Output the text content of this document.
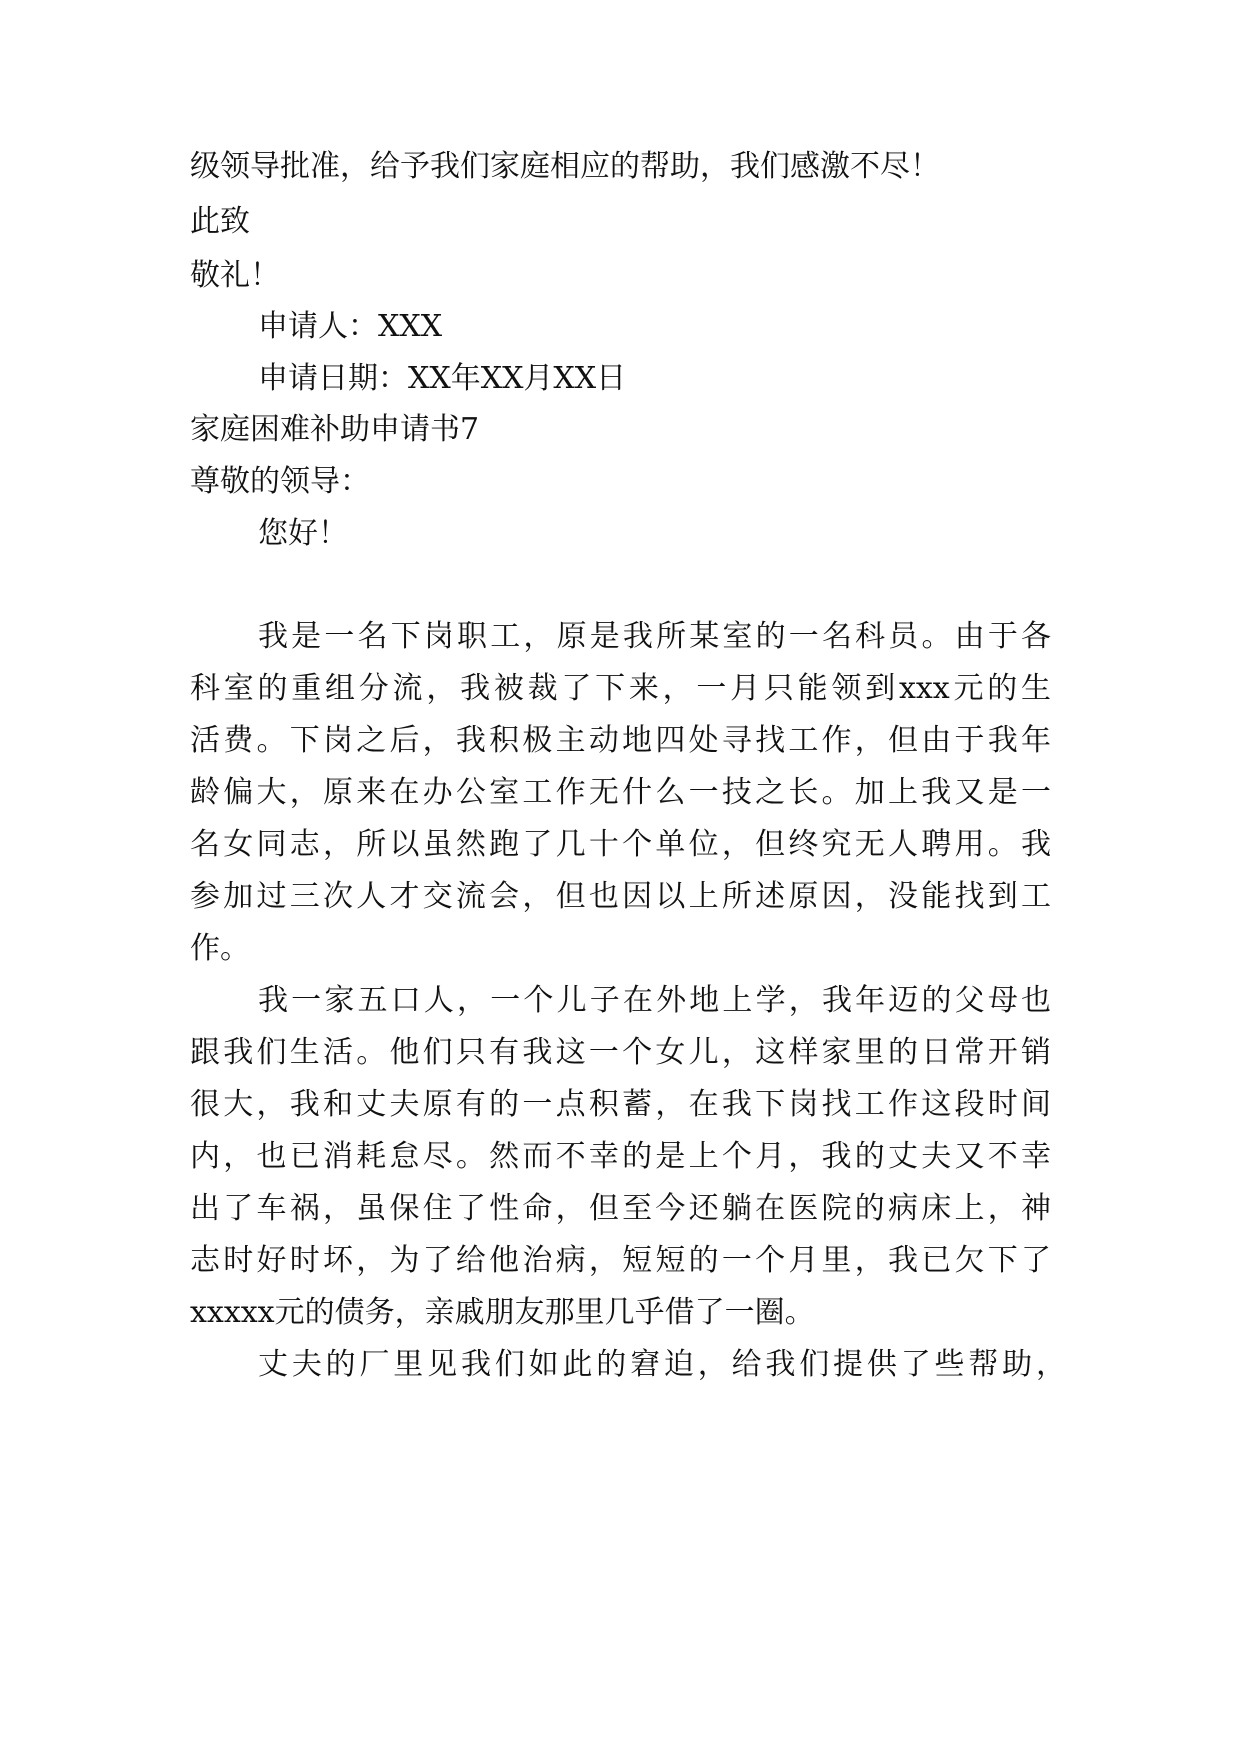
级领导批准，给予我们家庭相应的帮助，我们感激不尽！
此致
敬礼！
申请人：XXX
申请日期：XX年XX月XX日
家庭困难补助申请书7
尊敬的领导：
您好！
我是一名下岗职工，原是我所某室的一名科员。由于各
科室的重组分流，我被裁了下来，一月只能领到xxx元的生
活费。下岗之后，我积极主动地四处寻找工作，但由于我年
龄偏大，原来在办公室工作无什么一技之长。加上我又是一
名女同志，所以虽然跑了几十个单位，但终究无人聘用。我
参加过三次人才交流会，但也因以上所述原因，没能找到工
作。
我一家五口人，一个儿子在外地上学，我年迈的父母也
跟我们生活。他们只有我这一个女儿，这样家里的日常开销
很大，我和丈夫原有的一点积蓄，在我下岗找工作这段时间
内，也已消耗怠尽。然而不幸的是上个月，我的丈夫又不幸
出了车祸，虽保住了性命，但至今还躺在医院的病床上，神
志时好时坏，为了给他治病，短短的一个月里，我已欠下了
xxxxx元的债务，亲戚朋友那里几乎借了一圈。
丈夫的厂里见我们如此的窘迫，给我们提供了些帮助，
